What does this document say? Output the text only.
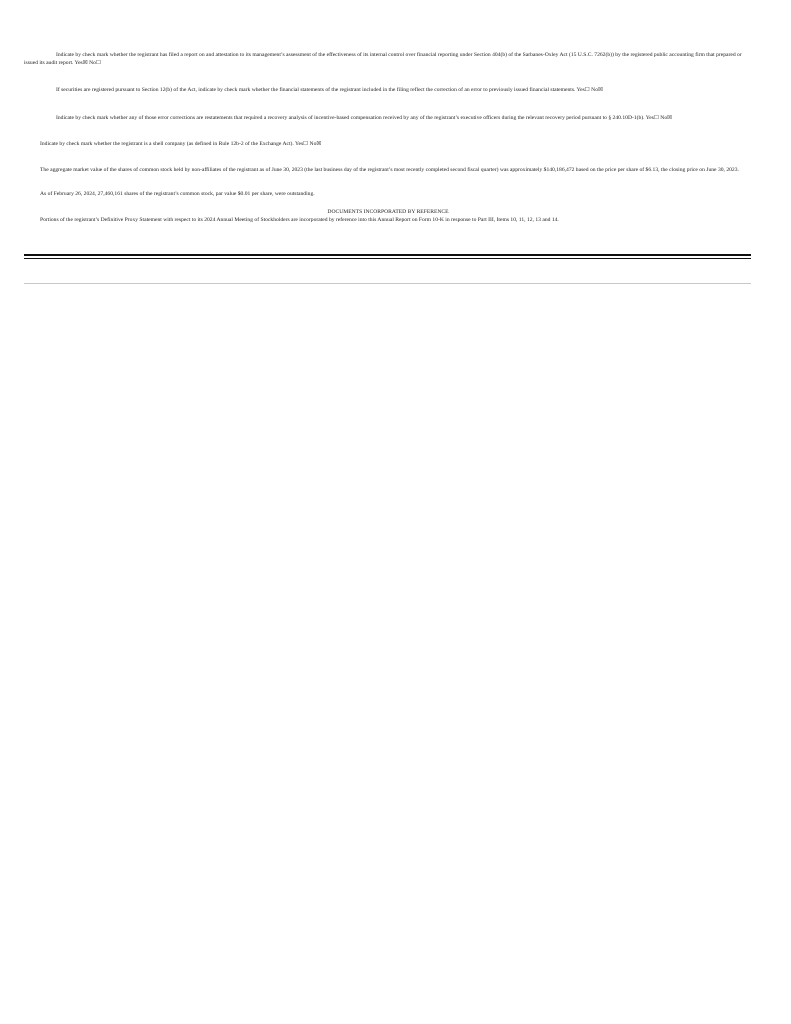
Indicate by check mark whether the registrant has filed a report on and attestation to its management’s assessment of the effectiveness of its internal control over financial reporting under Section 404(b) of the Sarbanes-Oxley Act (15 U.S.C. 7262(b)) by the registered public accounting firm that prepared or issued its audit report. Yes☒ No☐

If securities are registered pursuant to Section 12(b) of the Act, indicate by check mark whether the financial statements of the registrant included in the filing reflect the correction of an error to previously issued financial statements. Yes☐ No☒

Indicate by check mark whether any of those error corrections are restatements that required a recovery analysis of incentive-based compensation received by any of the registrant’s executive officers during the relevant recovery period pursuant to § 240.10D-1(b). Yes☐ No☒

Indicate by check mark whether the registrant is a shell company (as defined in Rule 12b-2 of the Exchange Act). Yes☐ No☒

The aggregate market value of the shares of common stock held by non-affiliates of the registrant as of June 30, 2023 (the last business day of the registrant’s most recently completed second fiscal quarter) was approximately $140,186,472 based on the price per share of $6.13, the closing price on June 30, 2023.

As of February 26, 2024, 27,460,161 shares of the registrant’s common stock, par value $0.01 per share, were outstanding.

DOCUMENTS INCORPORATED BY REFERENCE

Portions of the registrant’s Definitive Proxy Statement with respect to its 2024 Annual Meeting of Stockholders are incorporated by reference into this Annual Report on Form 10-K in response to Part III, Items 10, 11, 12, 13 and 14.
